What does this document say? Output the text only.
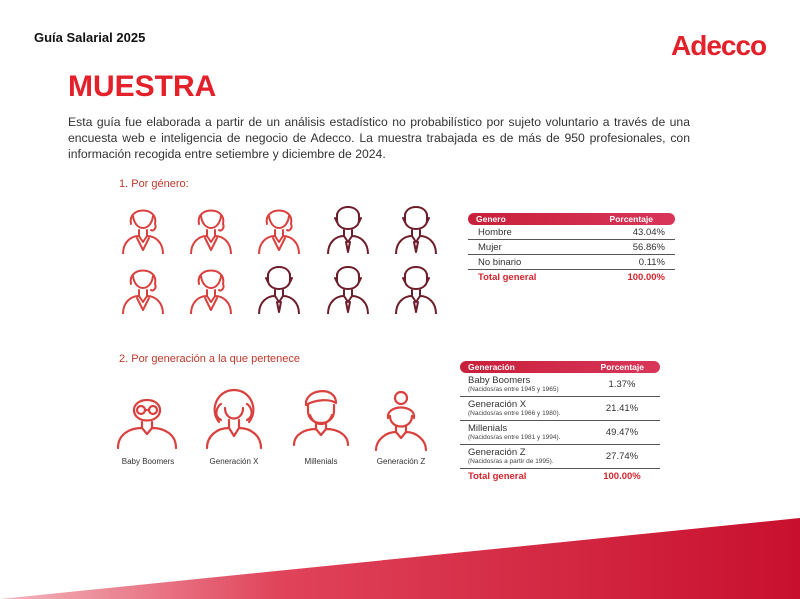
Guía Salarial 2025	Adecco
MUESTRA

Esta guía fue elaborada a partir de un análisis estadístico no probabilístico por sujeto voluntario a través de una encuesta web e inteligencia de negocio de Adecco. La muestra trabajada es de más de 950 profesionales, con información recogida entre setiembre y diciembre de 2024.

1. Por género:
Genero	Porcentaje
Hombre	43.04%
Mujer	56.86%
No binario	0.11%
Total general	100.00%
2. Por generación a la que pertenece
Baby Boomers	Generación X	Millenials	Generación Z
Generación	Porcentaje
Baby Boomers
(Nacidos/as entre 1945 y 1965)	1.37%
Generación X
(Nacidos/as entre 1966 y 1980).	21.41%
Millenials
(Nacidos/as entre 1981 y 1994).	49.47%
Generación Z
(Nacidos/as a partir de 1995).	27.74%
Total general	100.00%
